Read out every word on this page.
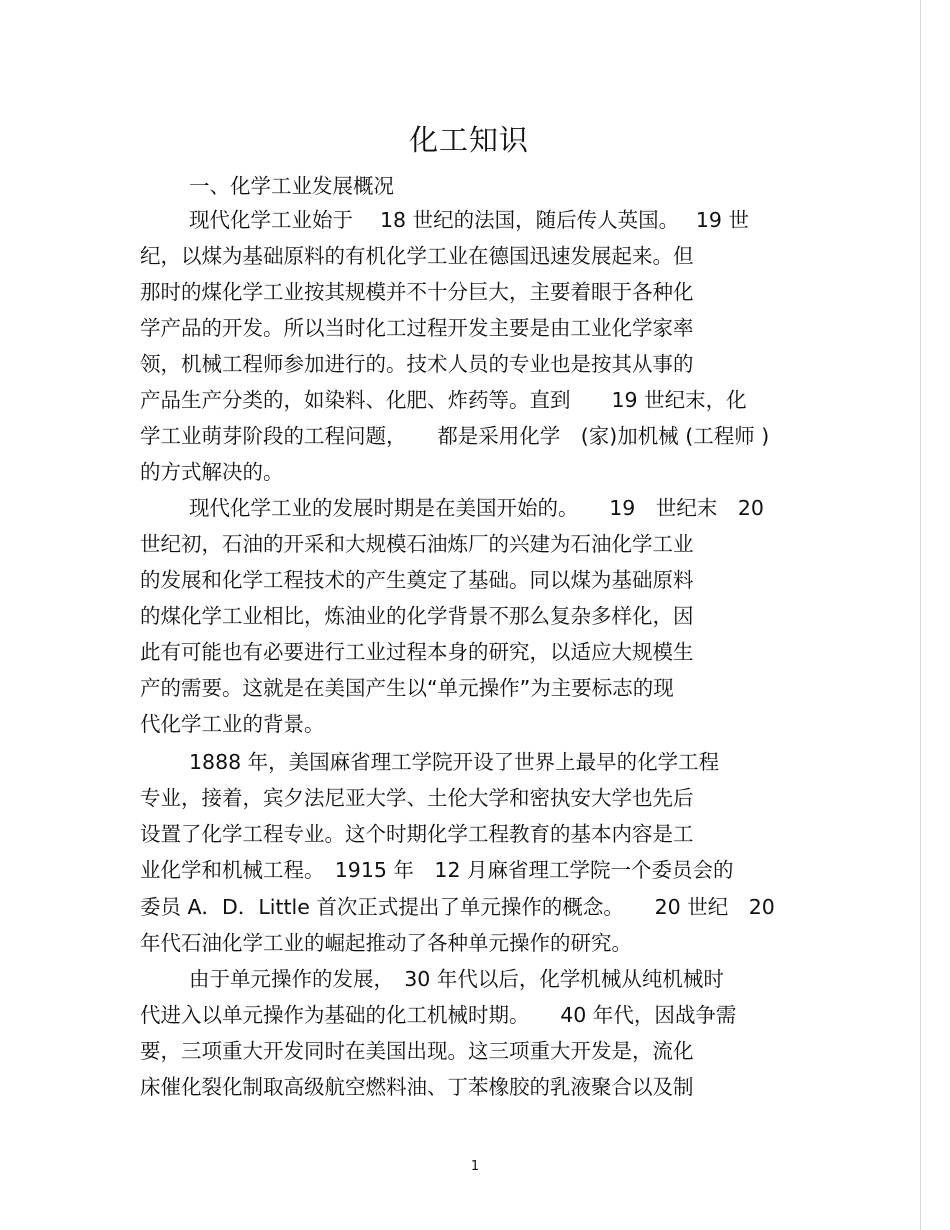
化工知识
一、化学工业发展概况
现代化学工业始于　 18 世纪的法国，随后传人英国。　 19 世
纪，以煤为基础原料的有机化学工业在德国迅速发展起来。但
那时的煤化学工业按其规模并不十分巨大，主要着眼于各种化
学产品的开发。所以当时化工过程开发主要是由工业化学家率
领，机械工程师参加进行的。技术人员的专业也是按其从事的
产品生产分类的，如染料、化肥、炸药等。直到　　19 世纪末，化
学工业萌芽阶段的工程问题，　　都是采用化学　(家)加机械 (工程师 )
的方式解决的。
现代化学工业的发展时期是在美国开始的。　　19　世纪末　20
世纪初，石油的开采和大规模石油炼厂的兴建为石油化学工业
的发展和化学工程技术的产生奠定了基础。同以煤为基础原料
的煤化学工业相比，炼油业的化学背景不那么复杂多样化，因
此有可能也有必要进行工业过程本身的研究，以适应大规模生
产的需要。这就是在美国产生以“单元操作”为主要标志的现
代化学工业的背景。
1888 年，美国麻省理工学院开设了世界上最早的化学工程
专业，接着，宾夕法尼亚大学、土伦大学和密执安大学也先后
设置了化学工程专业。这个时期化学工程教育的基本内容是工
业化学和机械工程。　1915 年　12 月麻省理工学院一个委员会的
委员 A．D．Little 首次正式提出了单元操作的概念。　　20 世纪　20
年代石油化学工业的崛起推动了各种单元操作的研究。
由于单元操作的发展，　30 年代以后，化学机械从纯机械时
代进入以单元操作为基础的化工机械时期。　　40 年代，因战争需
要，三项重大开发同时在美国出现。这三项重大开发是，流化
床催化裂化制取高级航空燃料油、丁苯橡胶的乳液聚合以及制
1
